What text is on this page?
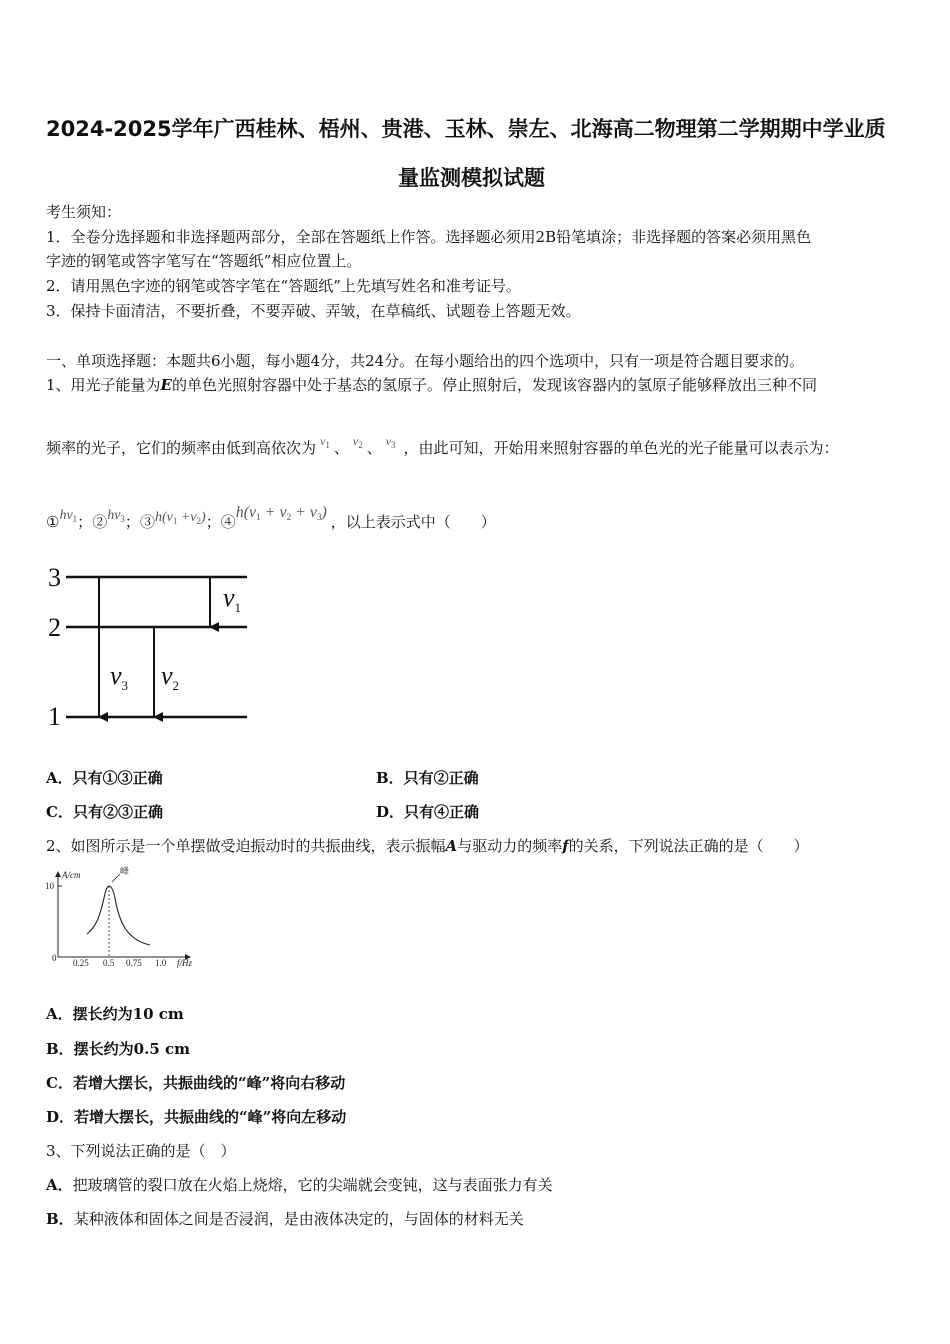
2024-2025学年广西桂林、梧州、贵港、玉林、崇左、北海高二物理第二学期期中学业质
量监测模拟试题
考生须知：
1．全卷分选择题和非选择题两部分，全部在答题纸上作答。选择题必须用2B铅笔填涂；非选择题的答案必须用黑色
字迹的钢笔或答字笔写在“答题纸”相应位置上。
2．请用黑色字迹的钢笔或答字笔在“答题纸”上先填写姓名和准考证号。
3．保持卡面清洁，不要折叠，不要弄破、弄皱，在草稿纸、试题卷上答题无效。
一、单项选择题：本题共6小题，每小题4分，共24分。在每小题给出的四个选项中，只有一项是符合题目要求的。
1、用光子能量为E的单色光照射容器中处于基态的氢原子。停止照射后，发现该容器内的氢原子能够释放出三种不同
频率的光子，它们的频率由低到高依次为 $^{v_1}$ 、 $^{v_2}$ 、 $^{v_3}$ ，由此可知，开始用来照射容器的单色光的光子能量可以表示为：
$①hv_1$；$②hv_3$；$③h(v_1 +v_2)$；$④h(v_1 + v_2 + v_3)$，以上表示式中（　　）
3
2
1
$v_1$
$v_3$ $v_2$
A．只有①③正确	B．只有②正确
C．只有②③正确	D．只有④正确
2、如图所示是一个单摆做受迫振动时的共振曲线，表示振幅A与驱动力的频率f的关系，下列说法正确的是（　　）
A/cm
f/Hz
10
0 0.25 0.5 0.75 1.0
峰
A．摆长约为10 cm
B．摆长约为0.5 cm
C．若增大摆长，共振曲线的“峰”将向右移动
D．若增大摆长，共振曲线的“峰”将向左移动
3、下列说法正确的是（　）
A．把玻璃管的裂口放在火焰上烧熔，它的尖端就会变钝，这与表面张力有关
B．某种液体和固体之间是否浸润，是由液体决定的，与固体的材料无关
